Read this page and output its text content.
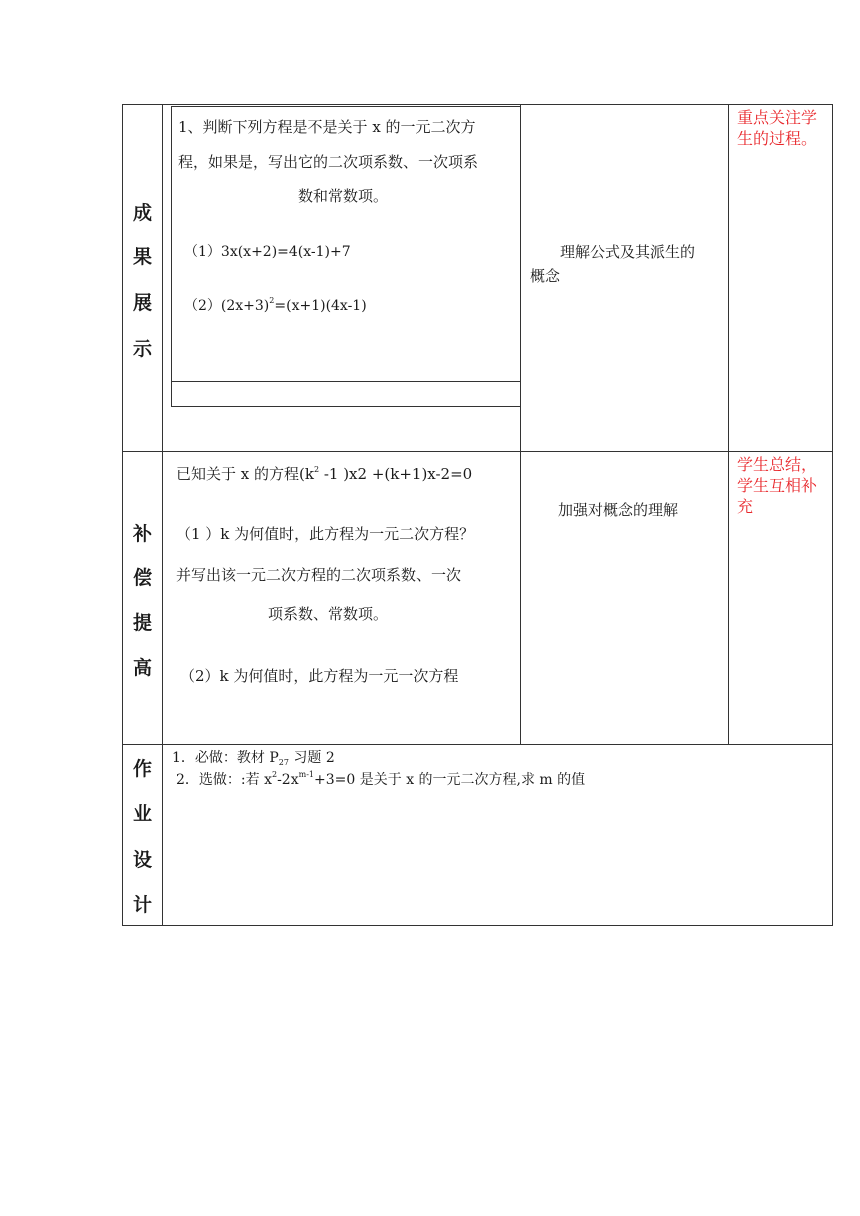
成
果
展
示
1、判断下列方程是不是关于 x 的一元二次方
程，如果是，写出它的二次项系数、一次项系
数和常数项。
（1）3x(x+2)=4(x-1)+7
$(2)(2x+3)^2=(x+1)(4x-1)$
理解公式及其派生的
概念
重点关注学生的过程。
补
偿
提
高
已知关于 x 的方程($k^2$ -1 )x2 +(k+1)x-2=0
（1 ）k 为何值时，此方程为一元二次方程？
并写出该一元二次方程的二次项系数、一次
项系数、常数项。
（2）k 为何值时，此方程为一元一次方程
加强对概念的理解
学生总结，学生互相补充
作
业
设
计
1．必做：教材 $P_{27}$ 习题 2
2．选做：:若 $x^2-2x^{m-1}+3=0$ 是关于 x 的一元二次方程,求 m 的值
